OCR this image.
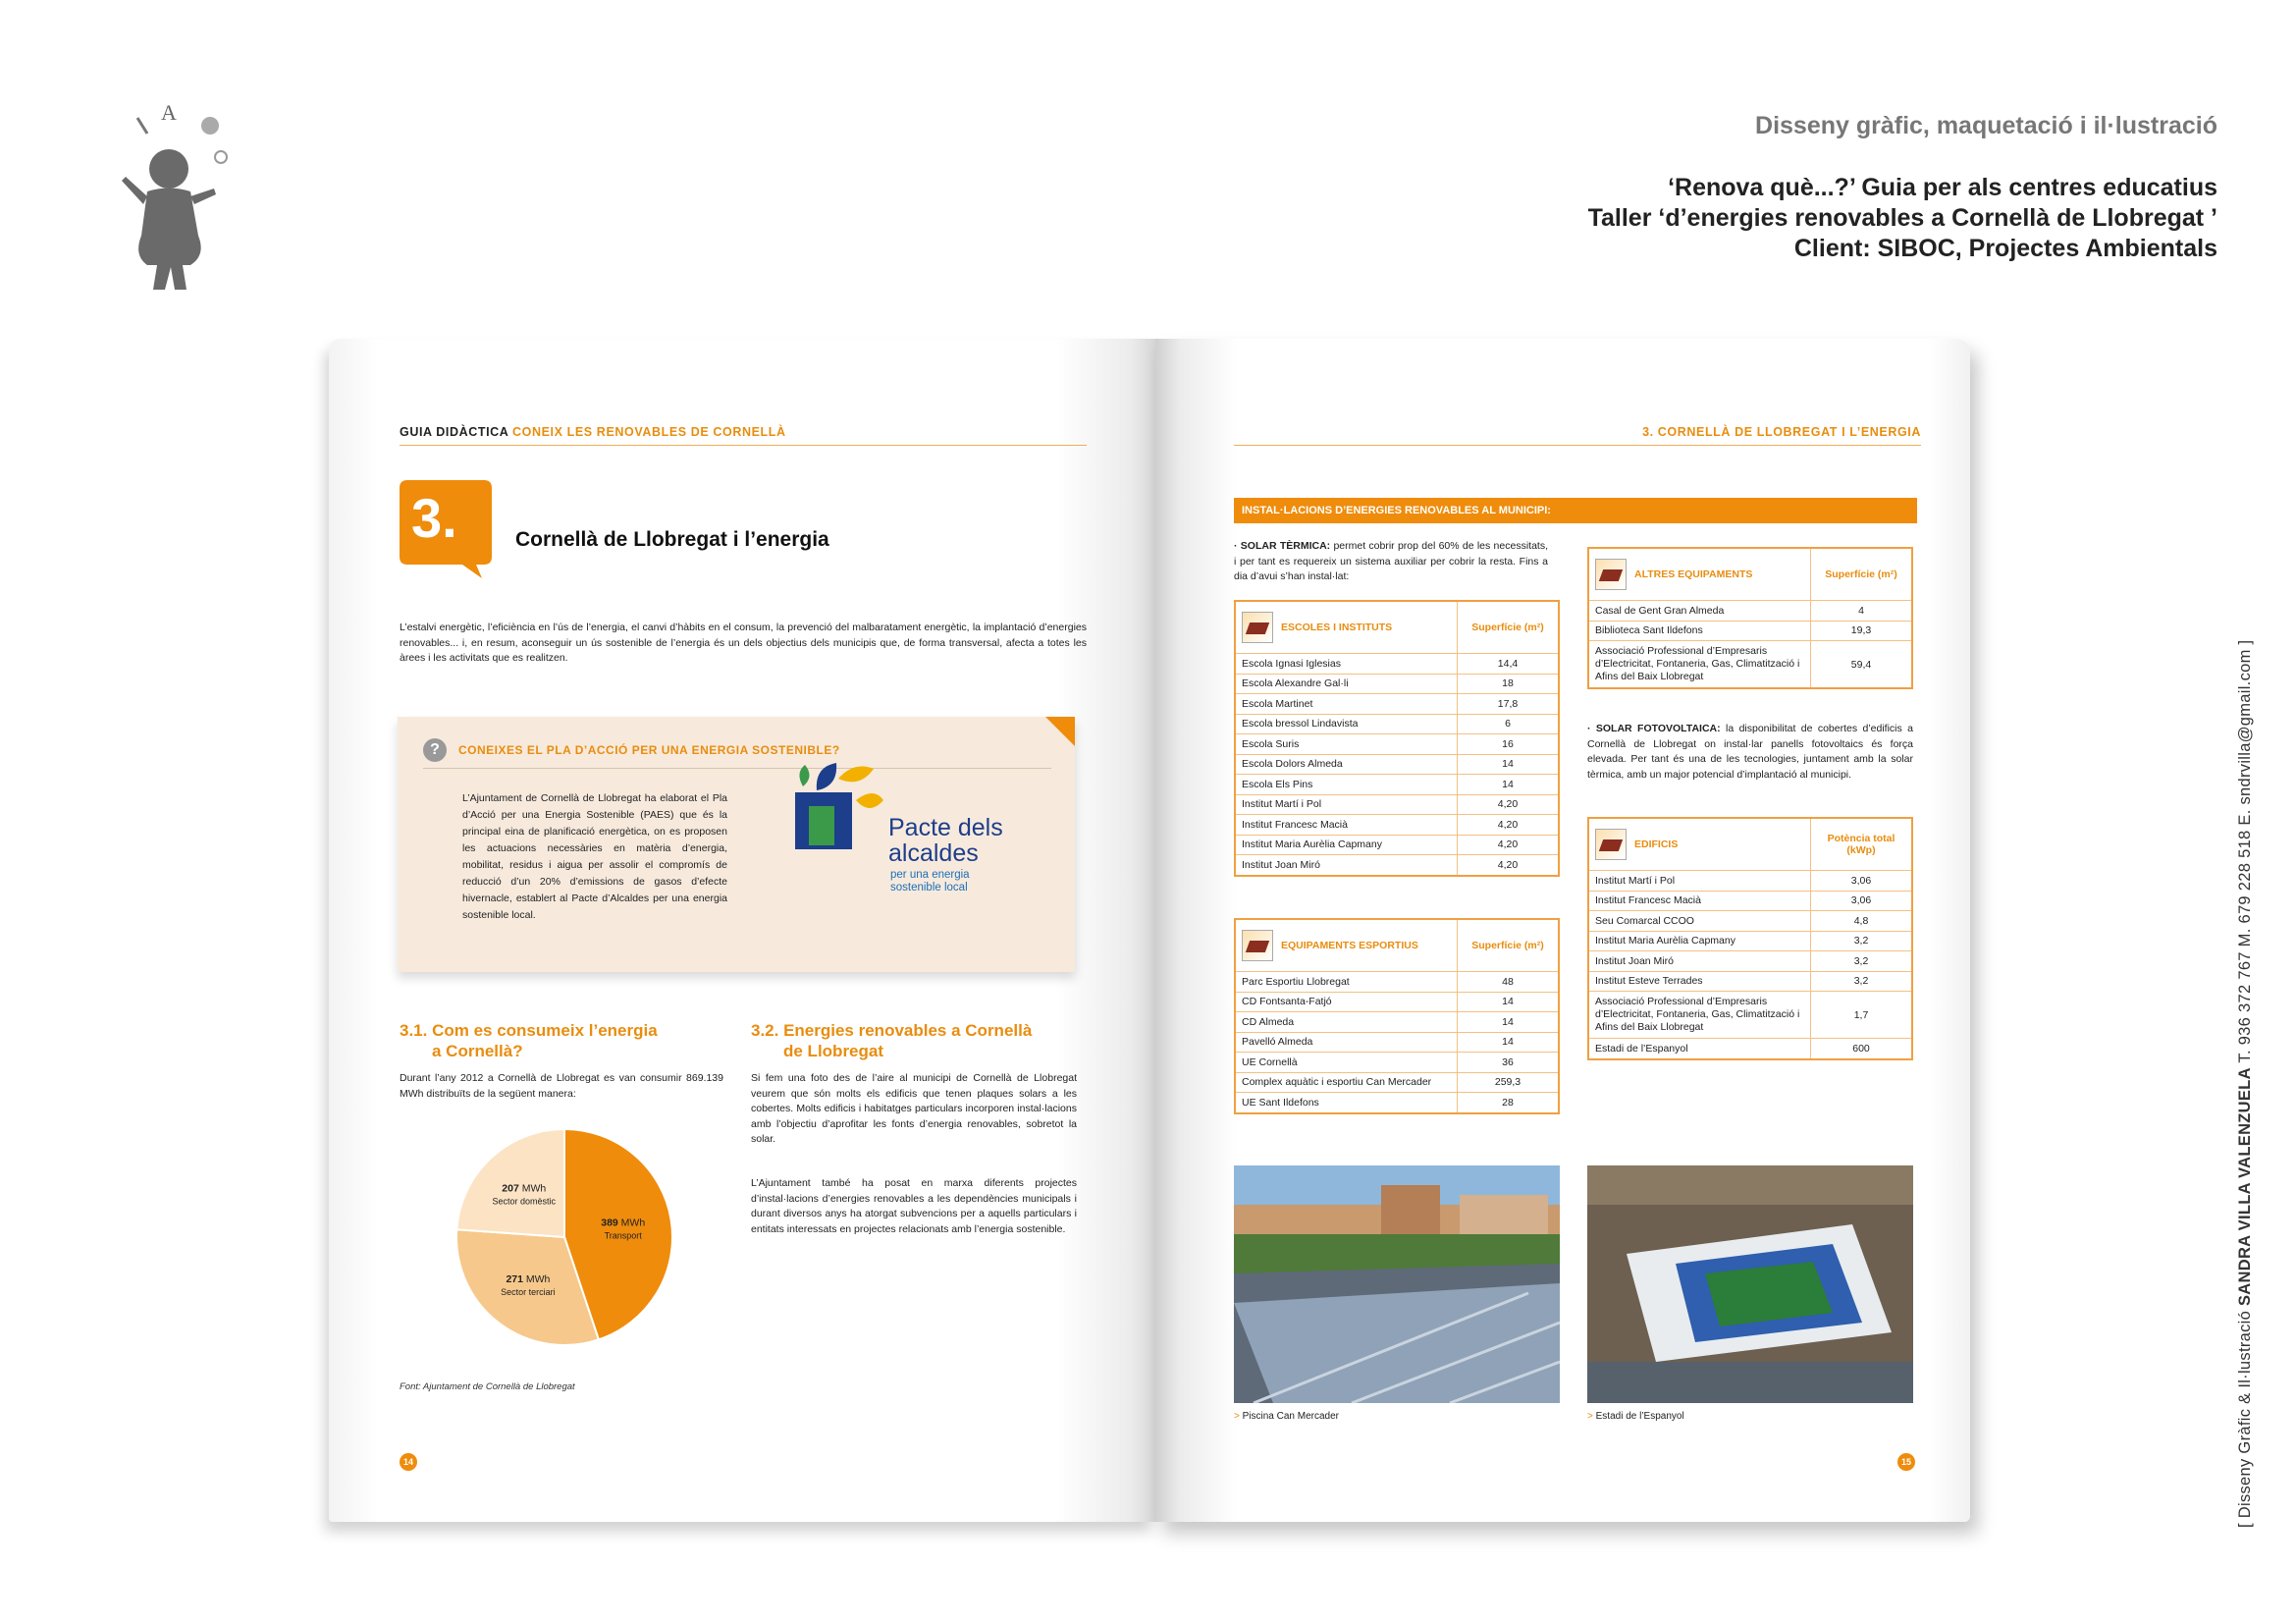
A	Disseny gràfic, maquetació i il·lustració
‘Renova què...?’ Guia per als centres educatius
Taller ‘d’energies renovables a Cornellà de Llobregat ’
Client: SIBOC, Projectes Ambientals
[ Disseny Gràfic & Il·lustració SANDRA VILLA VALENZUELA T. 936 372 767 M. 679 228 518 E. sndrvilla@gmail.com ]
GUIA DIDÀCTICA CONEIX LES RENOVABLES DE CORNELLÀ
3.	Cornellà de Llobregat i l’energia
L’estalvi energètic, l’eficiència en l’ús de l’energia, el canvi d’hàbits en el consum, la prevenció del malbaratament energètic, la implantació d’energies renovables... i, en resum, aconseguir un ús sostenible de l’energia és un dels objectius dels municipis que, de forma transversal, afecta a totes les àrees i les activitats que es realitzen.
?	CONEIXES EL PLA D’ACCIÓ PER UNA ENERGIA SOSTENIBLE?
L’Ajuntament de Cornellà de Llobregat ha elaborat el Pla d’Acció per una Energia Sostenible (PAES) que és la principal eina de planificació energètica, on es proposen les actuacions necessàries en matèria d’energia, mobilitat, residus i aigua per assolir el compromís de reducció d’un 20% d’emissions de gasos d’efecte hivernacle, establert al Pacte d’Alcaldes per una energia sostenible local.
Pacte dels
alcaldes
per una energia
sostenible local
3.1. Com es consumeix l’energia
a Cornellà?
Durant l’any 2012 a Cornellà de Llobregat es van consumir 869.139 MWh distribuïts de la següent manera:
389 MWh
Transport
271 MWh
Sector terciari
207 MWh
Sector domèstic
Font: Ajuntament de Cornellà de Llobregat
3.2. Energies renovables a Cornellà
de Llobregat
Si fem una foto des de l’aire al municipi de Cornellà de Llobregat veurem que són molts els edificis que tenen plaques solars a les cobertes. Molts edificis i habitatges particulars incorporen instal·lacions amb l’objectiu d’aprofitar les fonts d’energia renovables, sobretot la solar.
L’Ajuntament també ha posat en marxa diferents projectes d’instal·lacions d’energies renovables a les dependències municipals i durant diversos anys ha atorgat subvencions per a aquells particulars i entitats interessats en projectes relacionats amb l’energia sostenible.
14
3. CORNELLÀ DE LLOBREGAT I L’ENERGIA
INSTAL·LACIONS D’ENERGIES RENOVABLES AL MUNICIPI:
· SOLAR TÈRMICA: permet cobrir prop del 60% de les necessitats, i per tant es requereix un sistema auxiliar per cobrir la resta. Fins a dia d’avui s’han instal·lat:
ESCOLES I INSTITUTS	Superfície (m²)
Escola Ignasi Iglesias	14,4
Escola Alexandre Gal·li	18
Escola Martinet	17,8
Escola bressol Lindavista	6
Escola Suris	16
Escola Dolors Almeda	14
Escola Els Pins	14
Institut Martí i Pol	4,20
Institut Francesc Macià	4,20
Institut Maria Aurèlia Capmany	4,20
Institut Joan Miró	4,20
EQUIPAMENTS ESPORTIUS	Superfície (m²)
Parc Esportiu Llobregat	48
CD Fontsanta-Fatjó	14
CD Almeda	14
Pavelló Almeda	14
UE Cornellà	36
Complex aquàtic i esportiu Can Mercader	259,3
UE Sant Ildefons	28
ALTRES EQUIPAMENTS	Superfície (m²)
Casal de Gent Gran Almeda	4
Biblioteca Sant Ildefons	19,3
Associació Professional d’Empresaris d’Electricitat, Fontaneria, Gas, Climatització i Afins del Baix Llobregat	59,4
· SOLAR FOTOVOLTAICA: la disponibilitat de cobertes d’edificis a Cornellà de Llobregat on instal·lar panells fotovoltaics és força elevada. Per tant és una de les tecnologies, juntament amb la solar tèrmica, amb un major potencial d’implantació al municipi.
EDIFICIS	Potència total (kWp)
Institut Martí i Pol	3,06
Institut Francesc Macià	3,06
Seu Comarcal CCOO	4,8
Institut Maria Aurèlia Capmany	3,2
Institut Joan Miró	3,2
Institut Esteve Terrades	3,2
Associació Professional d’Empresaris d’Electricitat, Fontaneria, Gas, Climatització i Afins del Baix Llobregat	1,7
Estadi de l’Espanyol	600
> Piscina Can Mercader	> Estadi de l’Espanyol
15
